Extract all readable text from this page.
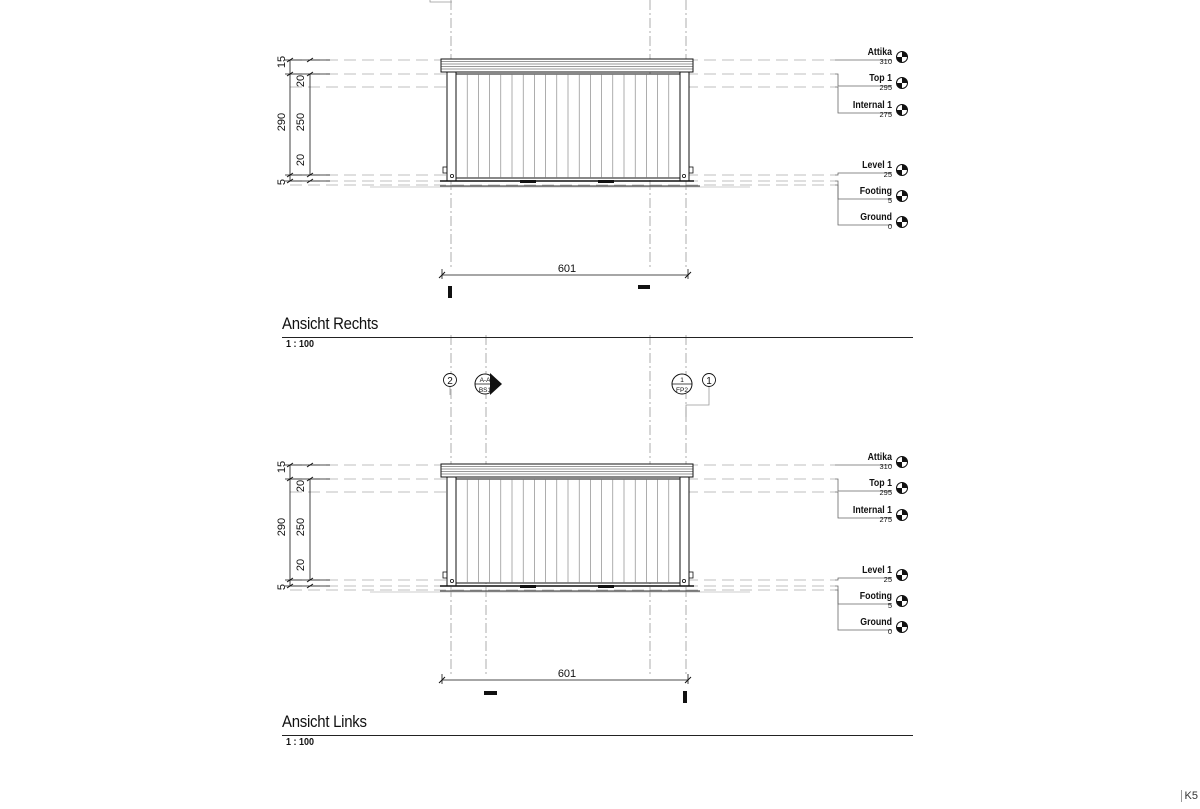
Attika
310
Top 1
295
Internal 1
275
Level 1
25
Footing
5
Ground
0
15
20
250
20
5
290
601
Attika
310
Top 1
295
Internal 1
275
Level 1
25
Footing
5
Ground
0
15
20
250
20
5
290
601
2	A-A
BS1
1
FP2
1
Ansicht Rechts
1 : 100
Ansicht Links
1 : 100
K5
